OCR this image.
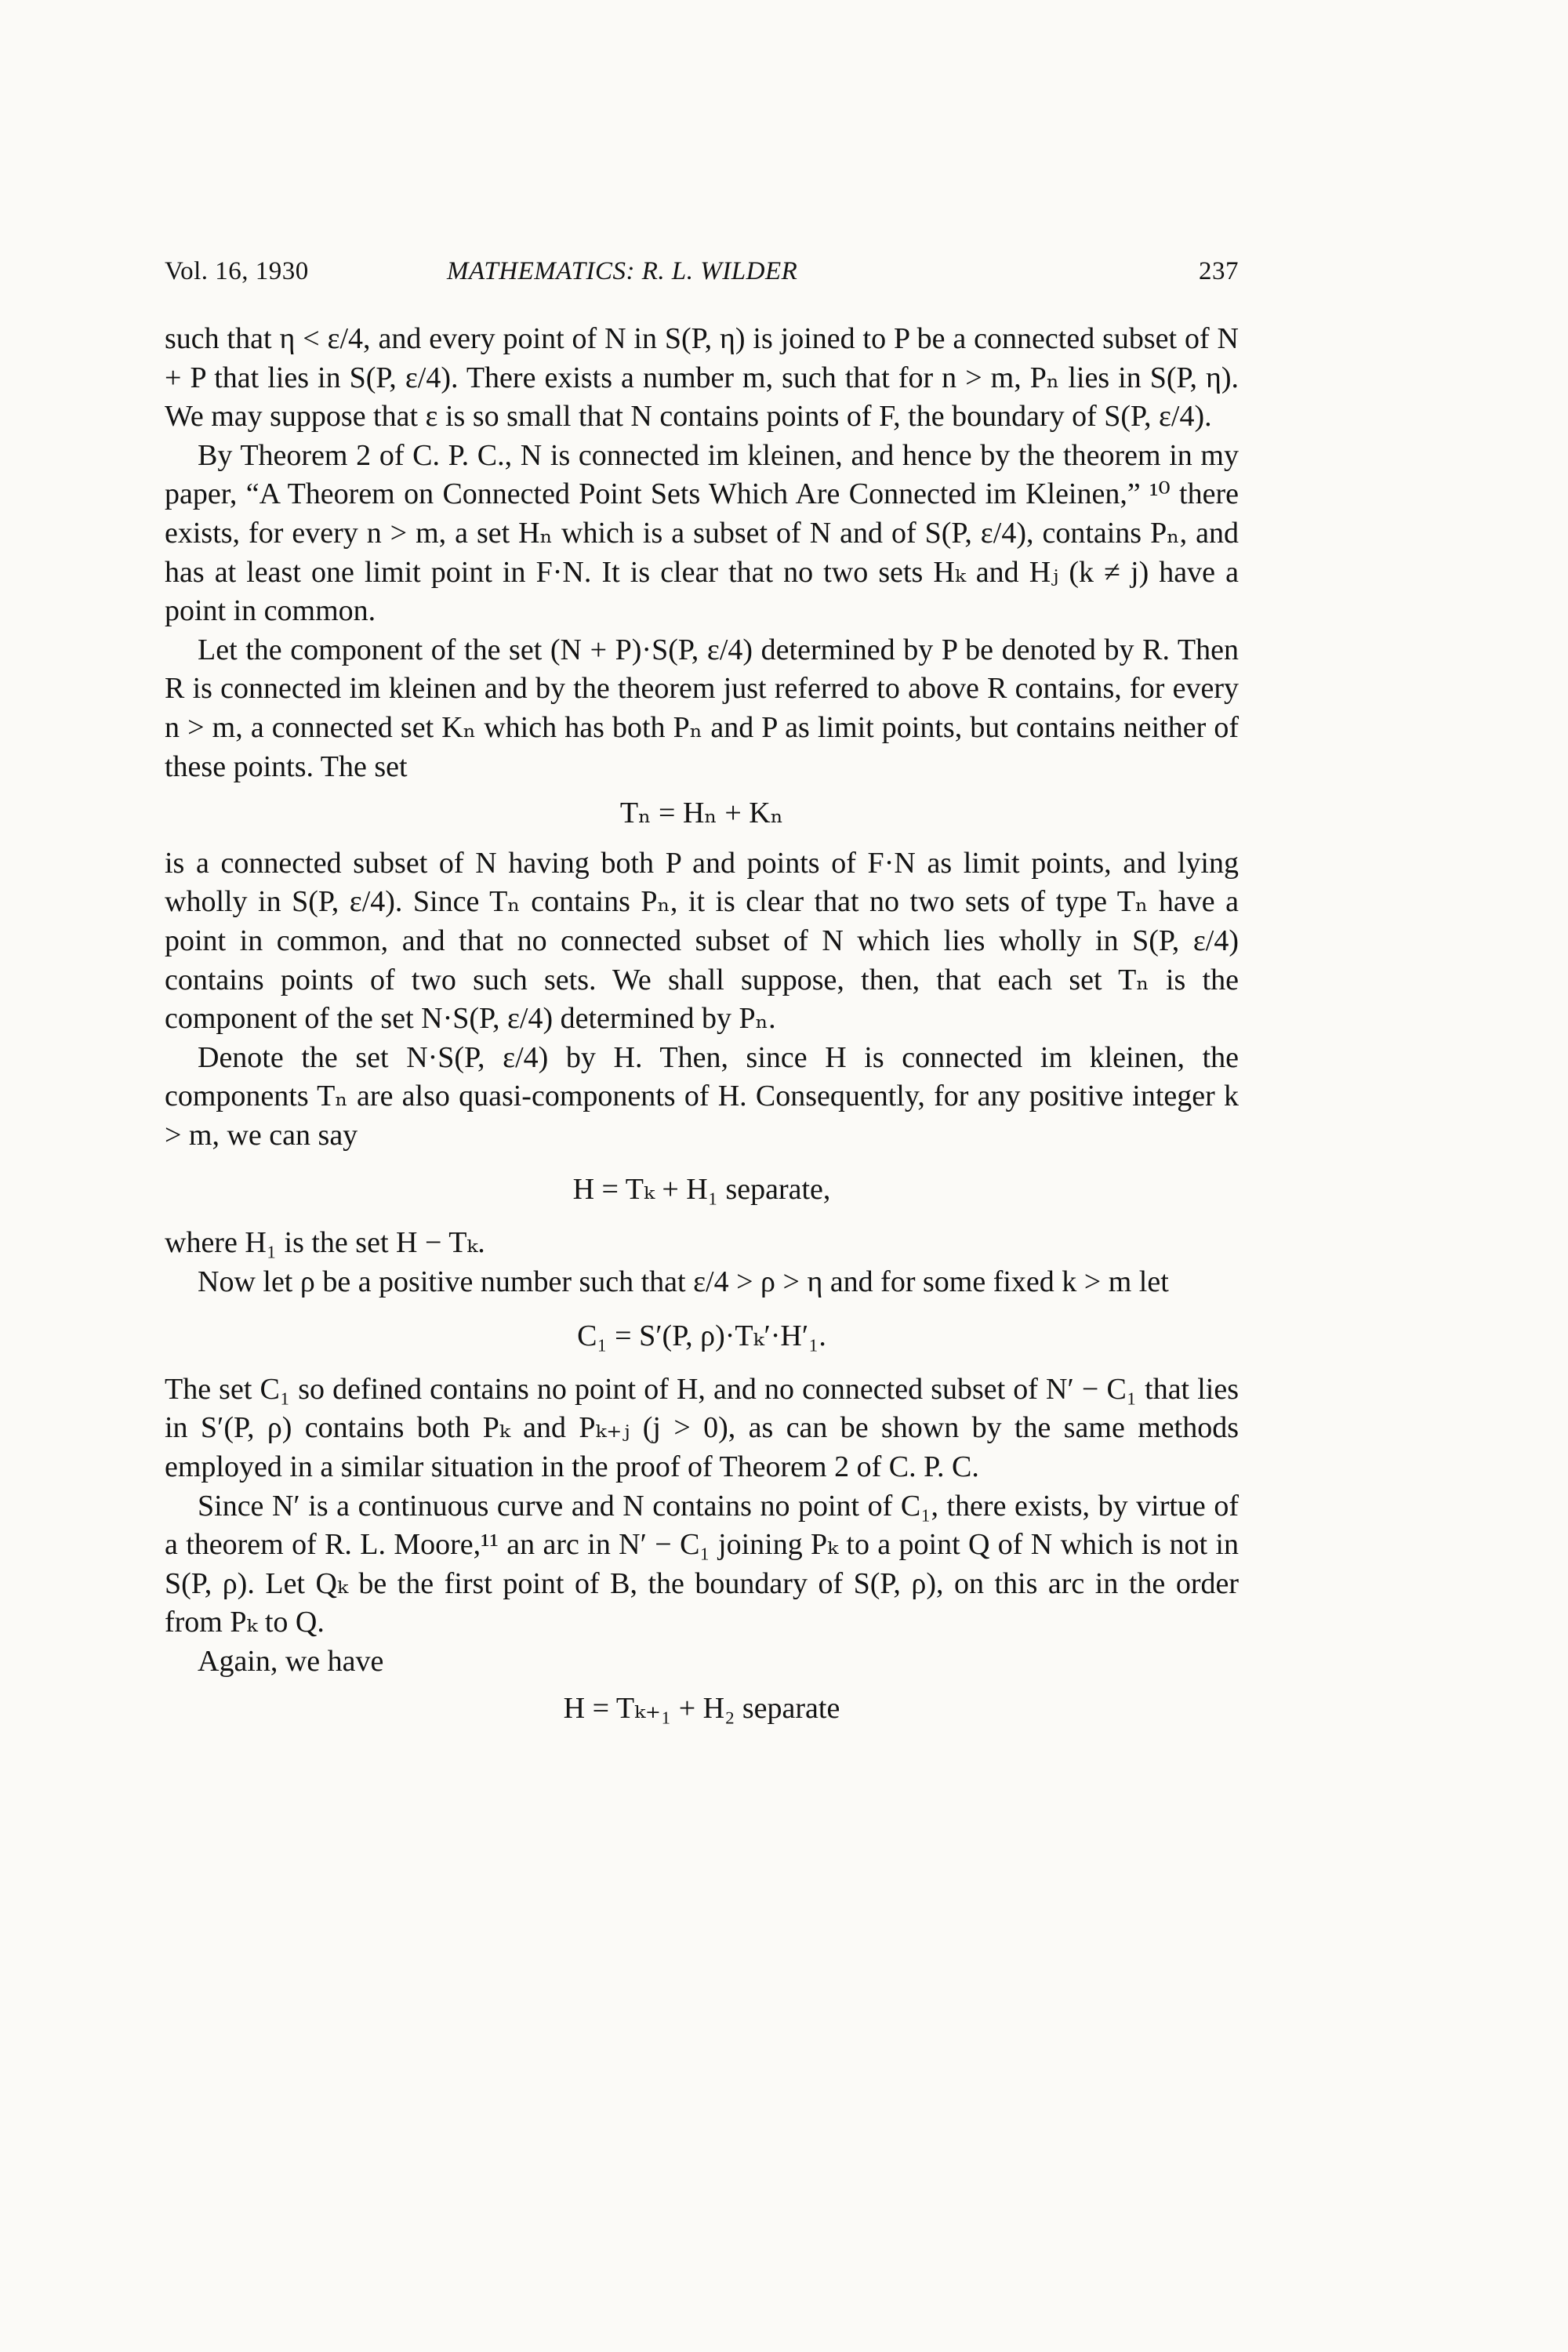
Vol. 16, 1930	MATHEMATICS: R. L. WILDER	237

such that η < ε/4, and every point of N in S(P, η) is joined to P be a connected subset of N + P that lies in S(P, ε/4). There exists a number m, such that for n > m, Pₙ lies in S(P, η). We may suppose that ε is so small that N contains points of F, the boundary of S(P, ε/4).

By Theorem 2 of C. P. C., N is connected im kleinen, and hence by the theorem in my paper, “A Theorem on Connected Point Sets Which Are Connected im Kleinen,” ¹⁰ there exists, for every n > m, a set Hₙ which is a subset of N and of S(P, ε/4), contains Pₙ, and has at least one limit point in F·N. It is clear that no two sets Hₖ and Hⱼ (k ≠ j) have a point in common.

Let the component of the set (N + P)·S(P, ε/4) determined by P be denoted by R. Then R is connected im kleinen and by the theorem just referred to above R contains, for every n > m, a connected set Kₙ which has both Pₙ and P as limit points, but contains neither of these points. The set

Tₙ = Hₙ + Kₙ

is a connected subset of N having both P and points of F·N as limit points, and lying wholly in S(P, ε/4). Since Tₙ contains Pₙ, it is clear that no two sets of type Tₙ have a point in common, and that no connected subset of N which lies wholly in S(P, ε/4) contains points of two such sets. We shall suppose, then, that each set Tₙ is the component of the set N·S(P, ε/4) determined by Pₙ.

Denote the set N·S(P, ε/4) by H. Then, since H is connected im kleinen, the components Tₙ are also quasi-components of H. Consequently, for any positive integer k > m, we can say

H = Tₖ + H₁ separate,

where H₁ is the set H − Tₖ.

Now let ρ be a positive number such that ε/4 > ρ > η and for some fixed k > m let

C₁ = S′(P, ρ)·Tₖ′·H′₁.

The set C₁ so defined contains no point of H, and no connected subset of N′ − C₁ that lies in S′(P, ρ) contains both Pₖ and Pₖ₊ⱼ (j > 0), as can be shown by the same methods employed in a similar situation in the proof of Theorem 2 of C. P. C.

Since N′ is a continuous curve and N contains no point of C₁, there exists, by virtue of a theorem of R. L. Moore,¹¹ an arc in N′ − C₁ joining Pₖ to a point Q of N which is not in S(P, ρ). Let Qₖ be the first point of B, the boundary of S(P, ρ), on this arc in the order from Pₖ to Q.

Again, we have

H = Tₖ₊₁ + H₂ separate
